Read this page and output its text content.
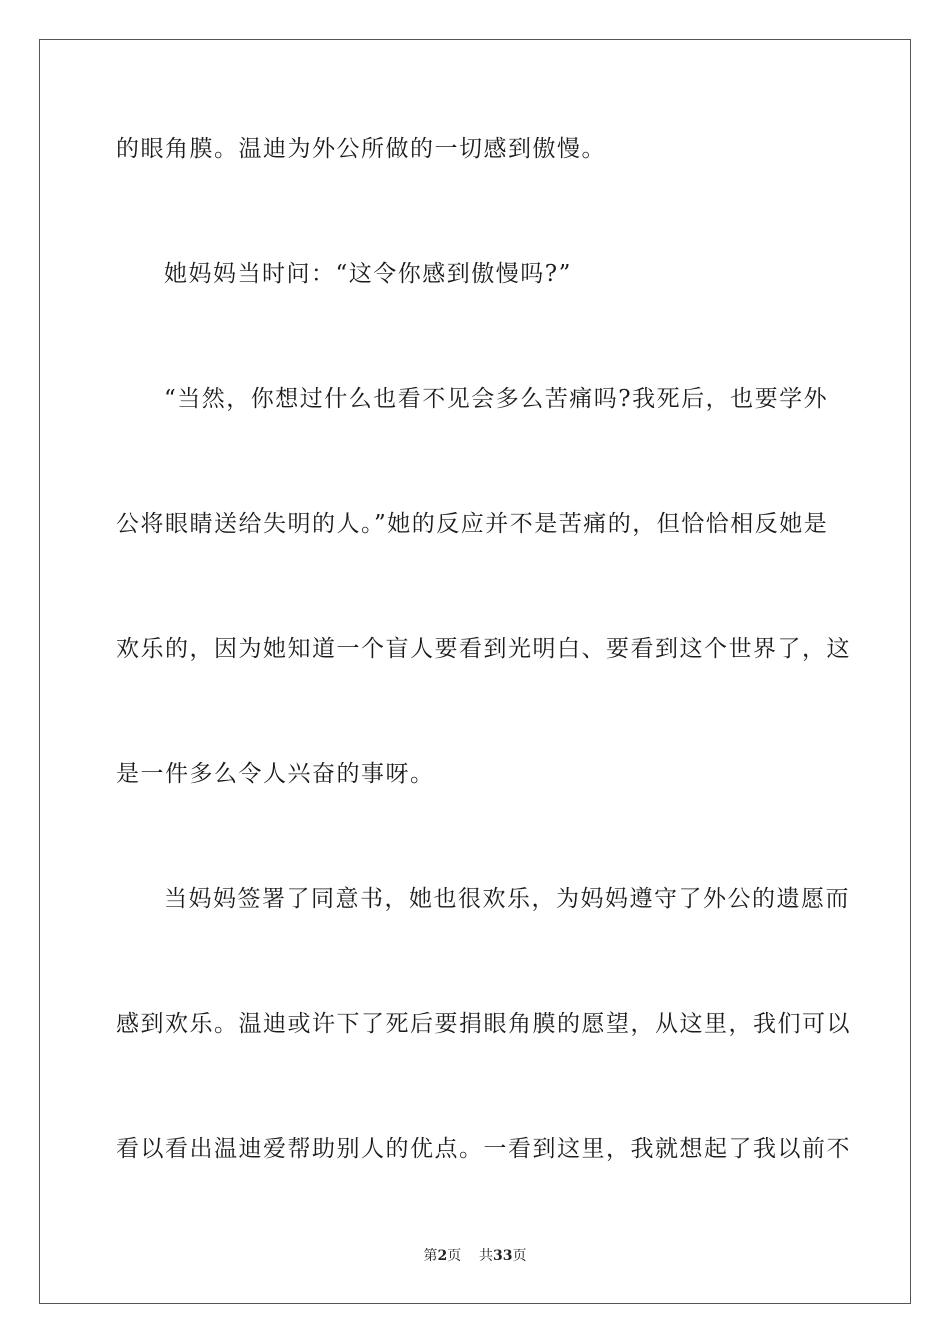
的眼角膜。温迪为外公所做的一切感到傲慢。
她妈妈当时问：“这令你感到傲慢吗?”
“当然，你想过什么也看不见会多么苦痛吗?我死后，也要学外
公将眼睛送给失明的人。”她的反应并不是苦痛的，但恰恰相反她是
欢乐的，因为她知道一个盲人要看到光明白、要看到这个世界了，这
是一件多么令人兴奋的事呀。
当妈妈签署了同意书，她也很欢乐，为妈妈遵守了外公的遗愿而
感到欢乐。温迪或许下了死后要捐眼角膜的愿望，从这里，我们可以
看以看出温迪爱帮助别人的优点。一看到这里，我就想起了我以前不
第2页 共33页
